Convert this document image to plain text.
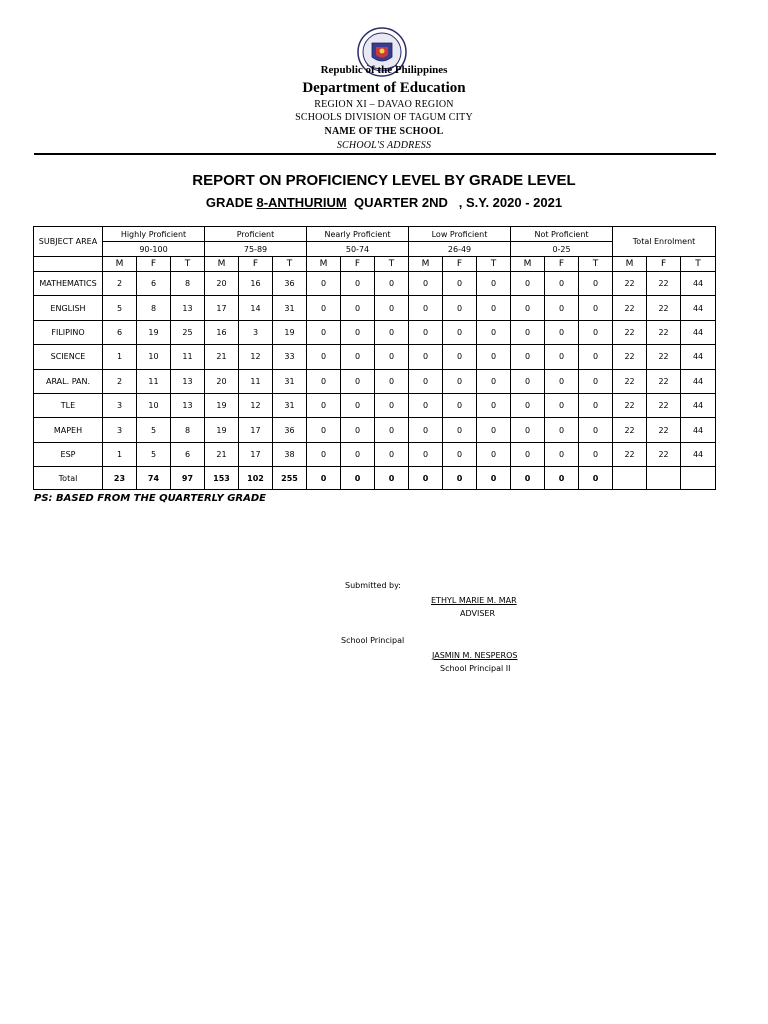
Republic of the Philippines
Department of Education
REGION XI – DAVAO REGION
SCHOOLS DIVISION OF TAGUM CITY
NAME OF THE SCHOOL
SCHOOL'S ADDRESS
REPORT ON PROFICIENCY LEVEL BY GRADE LEVEL
GRADE 8-ANTHURIUM  QUARTER 2ND   , S.Y. 2020 - 2021
SUBJECT AREA	Highly Proficient			Proficient			Nearly Proficient			Low Proficient			Not Proficient			Total Enrolment		
	90-100			75-89			50-74			26-49			0-25					
	M	F	T	M	F	T	M	F	T	M	F	T	M	F	T	M	F	T
MATHEMATICS	2	6	8	20	16	36	0	0	0	0	0	0	0	0	0	22	22	44
ENGLISH	5	8	13	17	14	31	0	0	0	0	0	0	0	0	0	22	22	44
FILIPINO	6	19	25	16	3	19	0	0	0	0	0	0	0	0	0	22	22	44
SCIENCE	1	10	11	21	12	33	0	0	0	0	0	0	0	0	0	22	22	44
ARAL. PAN.	2	11	13	20	11	31	0	0	0	0	0	0	0	0	0	22	22	44
TLE	3	10	13	19	12	31	0	0	0	0	0	0	0	0	0	22	22	44
MAPEH	3	5	8	19	17	36	0	0	0	0	0	0	0	0	0	22	22	44
ESP	1	5	6	21	17	38	0	0	0	0	0	0	0	0	0	22	22	44
Total	23	74	97	153	102	255	0	0	0	0	0	0	0	0	0			
PS: BASED FROM THE QUARTERLY GRADE
Submitted by:
ETHYL MARIE M. MAR
ADVISER
School Principal
JASMIN M. NESPEROS
School Principal II
